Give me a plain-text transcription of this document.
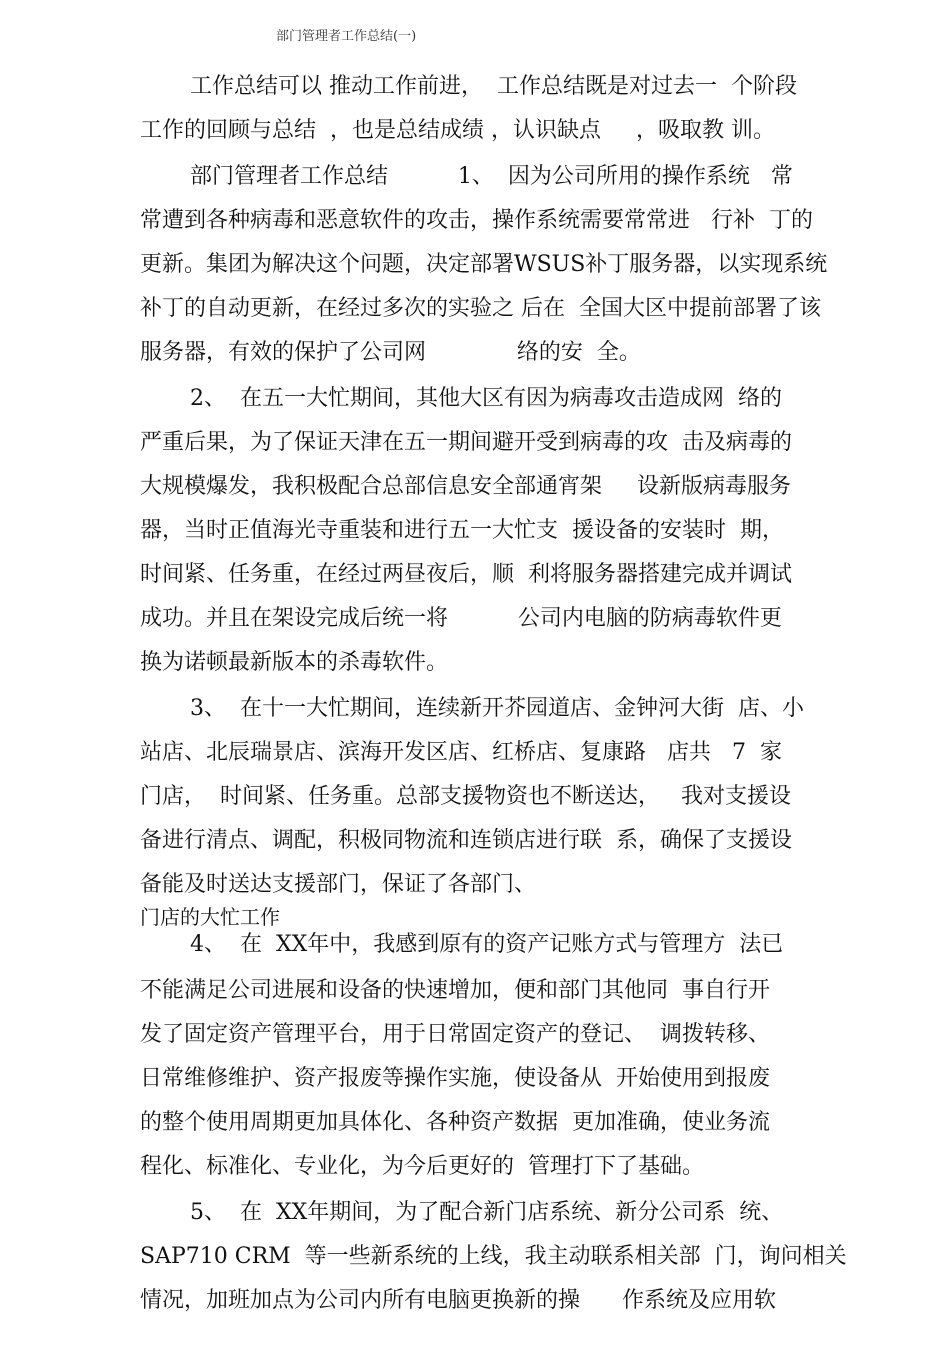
部门管理者工作总结(一)
工作总结可以 推动工作前进，  工作总结既是对过去一  个阶段
工作的回顾与总结  ，也是总结成绩 ，认识缺点     ，吸取教 训。
部门管理者工作总结          1、  因为公司所用的操作系统   常
常遭到各种病毒和恶意软件的攻击，操作系统需要常常进   行补  丁的
更新。集团为解决这个问题，决定部署WSUS补丁服务器，以实现系统
补丁的自动更新，在经过多次的实验之 后在  全国大区中提前部署了该
服务器，有效的保护了公司网             络的安  全。
2、  在五一大忙期间，其他大区有因为病毒攻击造成网  络的
严重后果，为了保证天津在五一期间避开受到病毒的攻  击及病毒的
大规模爆发，我积极配合总部信息安全部通宵架     设新版病毒服务
器，当时正值海光寺重装和进行五一大忙支  援设备的安装时  期，
时间紧、任务重，在经过两昼夜后，顺  利将服务器搭建完成并调试
成功。并且在架设完成后统一将          公司内电脑的防病毒软件更
换为诺顿最新版本的杀毒软件。
3、  在十一大忙期间，连续新开芥园道店、金钟河大街  店、小
站店、北辰瑞景店、滨海开发区店、红桥店、复康路   店共   7  家
门店，  时间紧、任务重。总部支援物资也不断送达，   我对支援设
备进行清点、调配，积极同物流和连锁店进行联  系，确保了支援设
备能及时送达支援部门，保证了各部门、
门店的大忙工作
4、  在  XX年中，我感到原有的资产记账方式与管理方  法已
不能满足公司进展和设备的快速增加，便和部门其他同  事自行开
发了固定资产管理平台，用于日常固定资产的登记、  调拨转移、
日常维修维护、资产报废等操作实施，使设备从  开始使用到报废
的整个使用周期更加具体化、各种资产数据  更加准确，使业务流
程化、标准化、专业化，为今后更好的  管理打下了基础。
5、  在  XX年期间，为了配合新门店系统、新分公司系  统、
SAP710 CRM  等一些新系统的上线，我主动联系相关部  门，询问相关
情况，加班加点为公司内所有电脑更换新的操      作系统及应用软
